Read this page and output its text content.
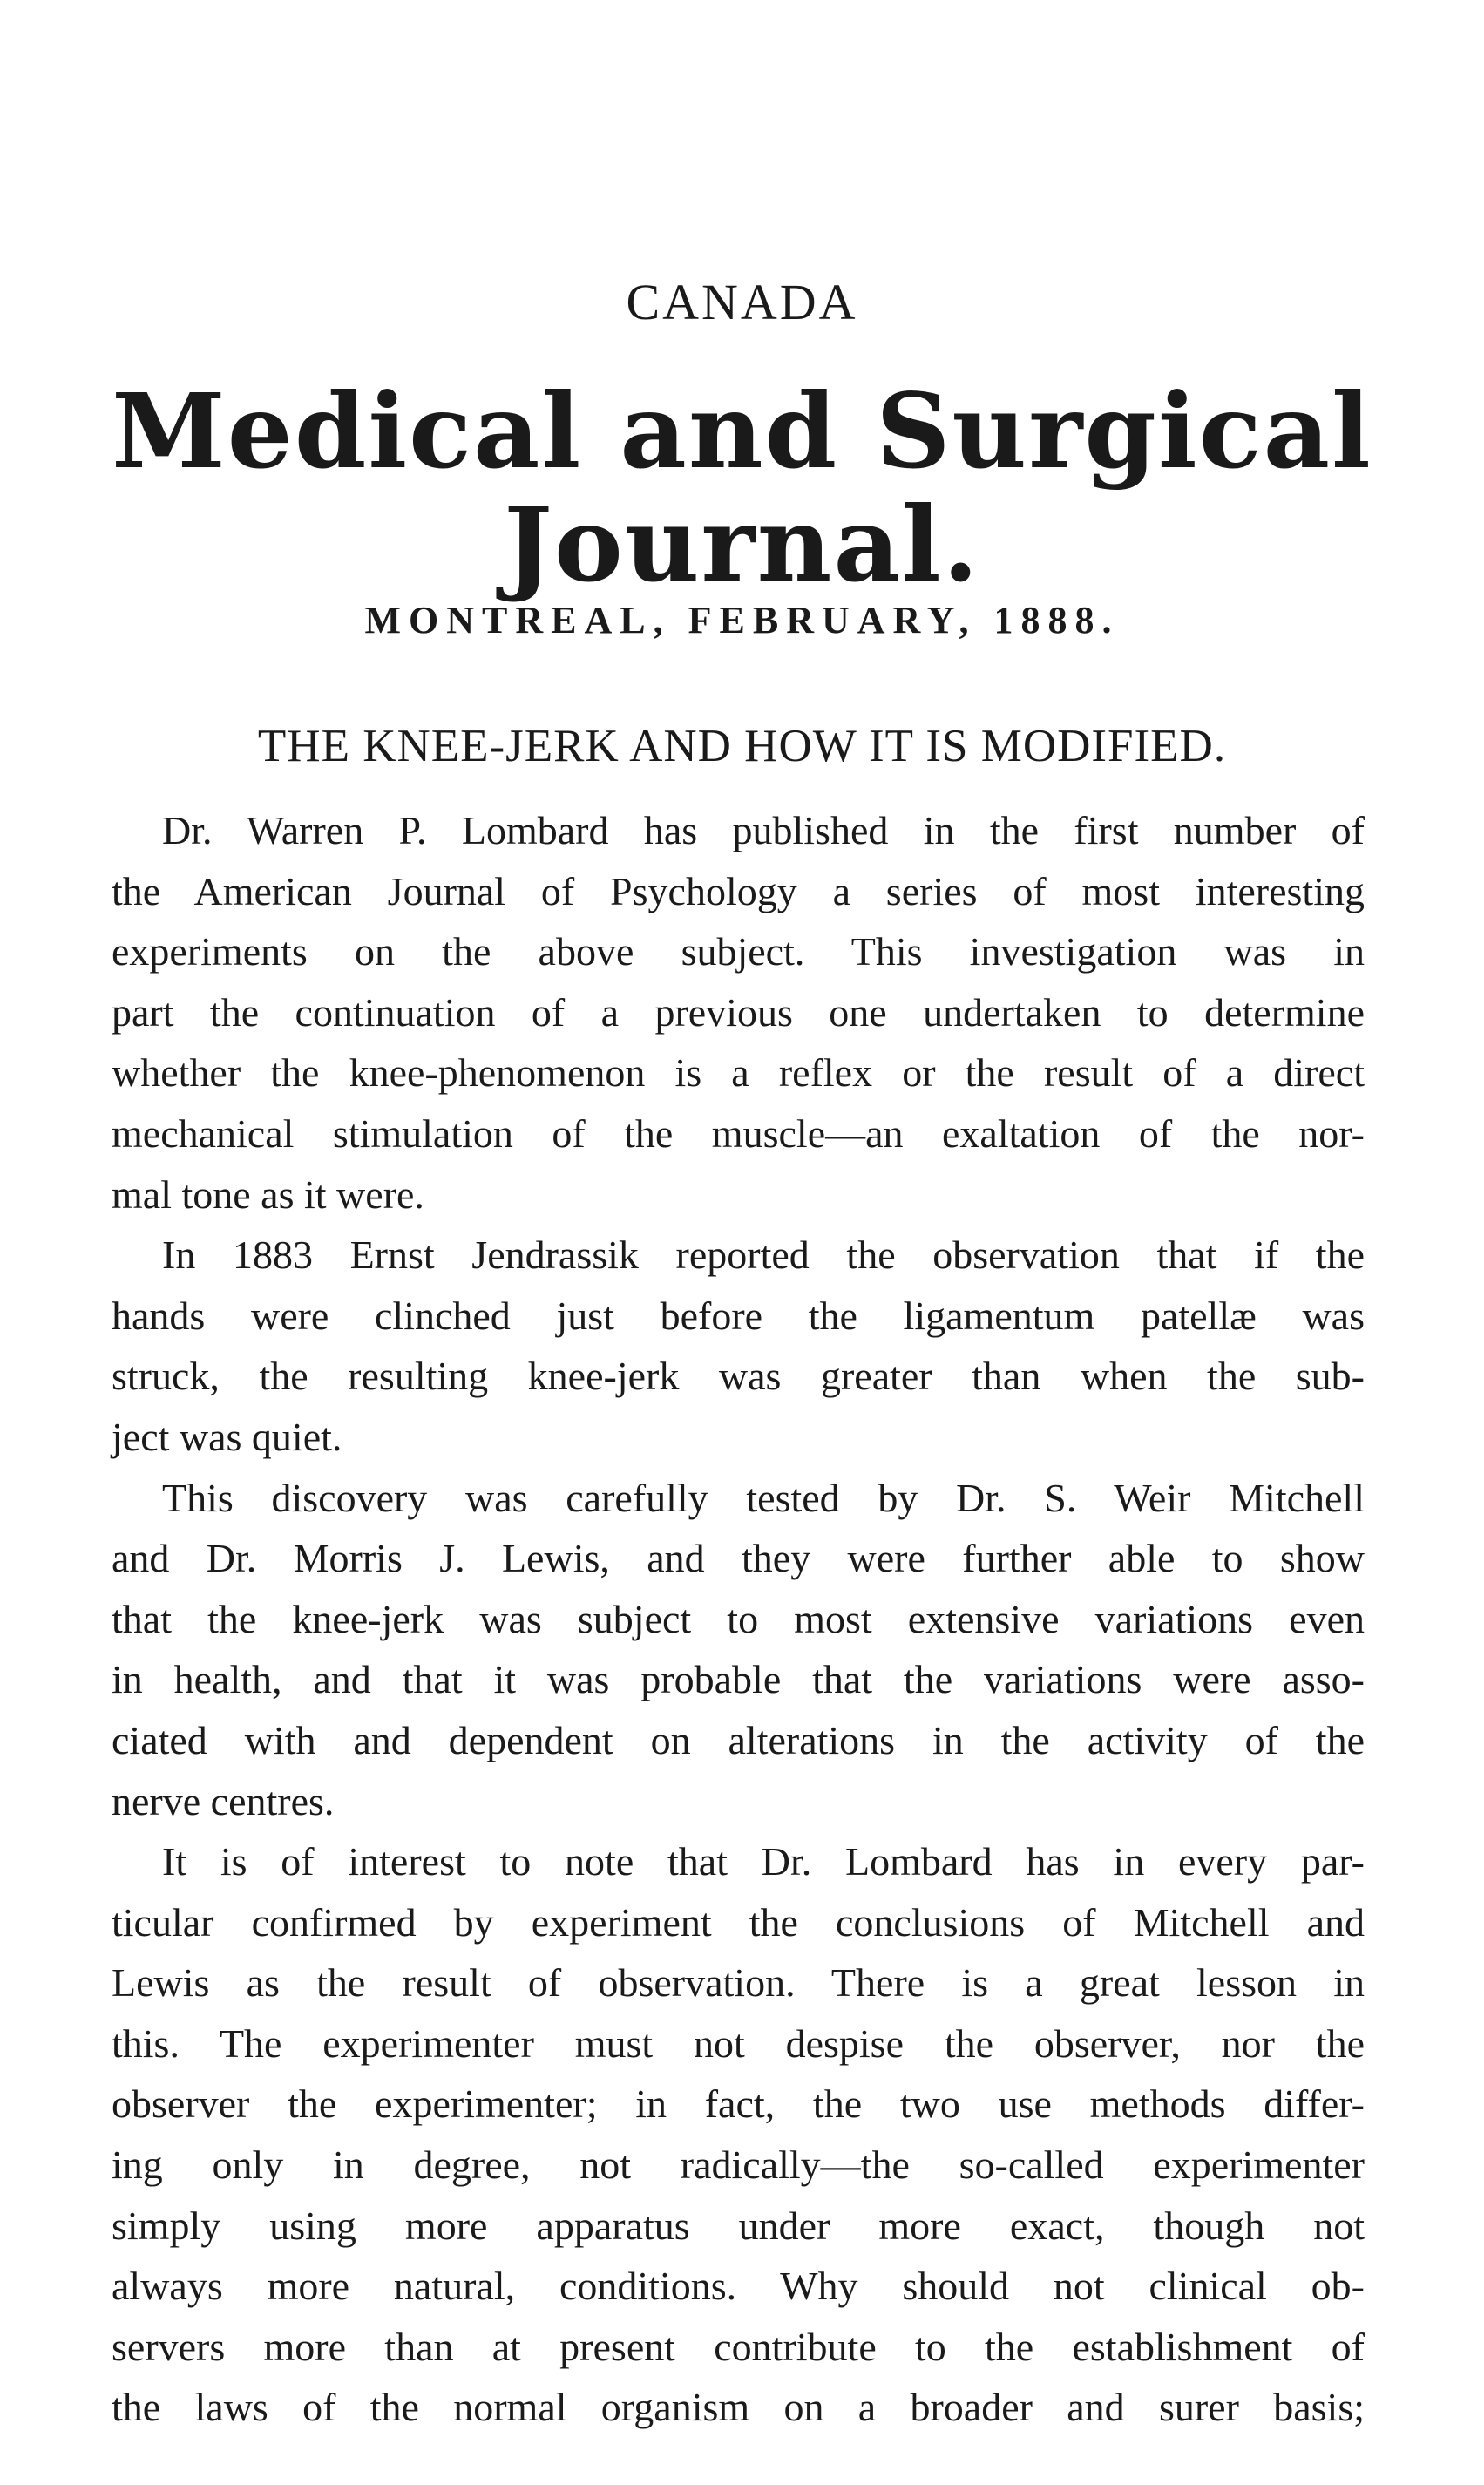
CANADA
Medical and Surgical Journal.
MONTREAL, FEBRUARY, 1888.
THE KNEE-JERK AND HOW IT IS MODIFIED.
Dr. Warren P. Lombard has published in the first number of
the American Journal of Psychology a series of most interesting
experiments on the above subject. This investigation was in
part the continuation of a previous one undertaken to determine
whether the knee-phenomenon is a reflex or the result of a direct
mechanical stimulation of the muscle—an exaltation of the nor-
mal tone as it were.
In 1883 Ernst Jendrassik reported the observation that if the
hands were clinched just before the ligamentum patellæ was
struck, the resulting knee-jerk was greater than when the sub-
ject was quiet.
This discovery was carefully tested by Dr. S. Weir Mitchell
and Dr. Morris J. Lewis, and they were further able to show
that the knee-jerk was subject to most extensive variations even
in health, and that it was probable that the variations were asso-
ciated with and dependent on alterations in the activity of the
nerve centres.
It is of interest to note that Dr. Lombard has in every par-
ticular confirmed by experiment the conclusions of Mitchell and
Lewis as the result of observation. There is a great lesson in
this. The experimenter must not despise the observer, nor the
observer the experimenter; in fact, the two use methods differ-
ing only in degree, not radically—the so-called experimenter
simply using more apparatus under more exact, though not
always more natural, conditions. Why should not clinical ob-
servers more than at present contribute to the establishment of
the laws of the normal organism on a broader and surer basis;
